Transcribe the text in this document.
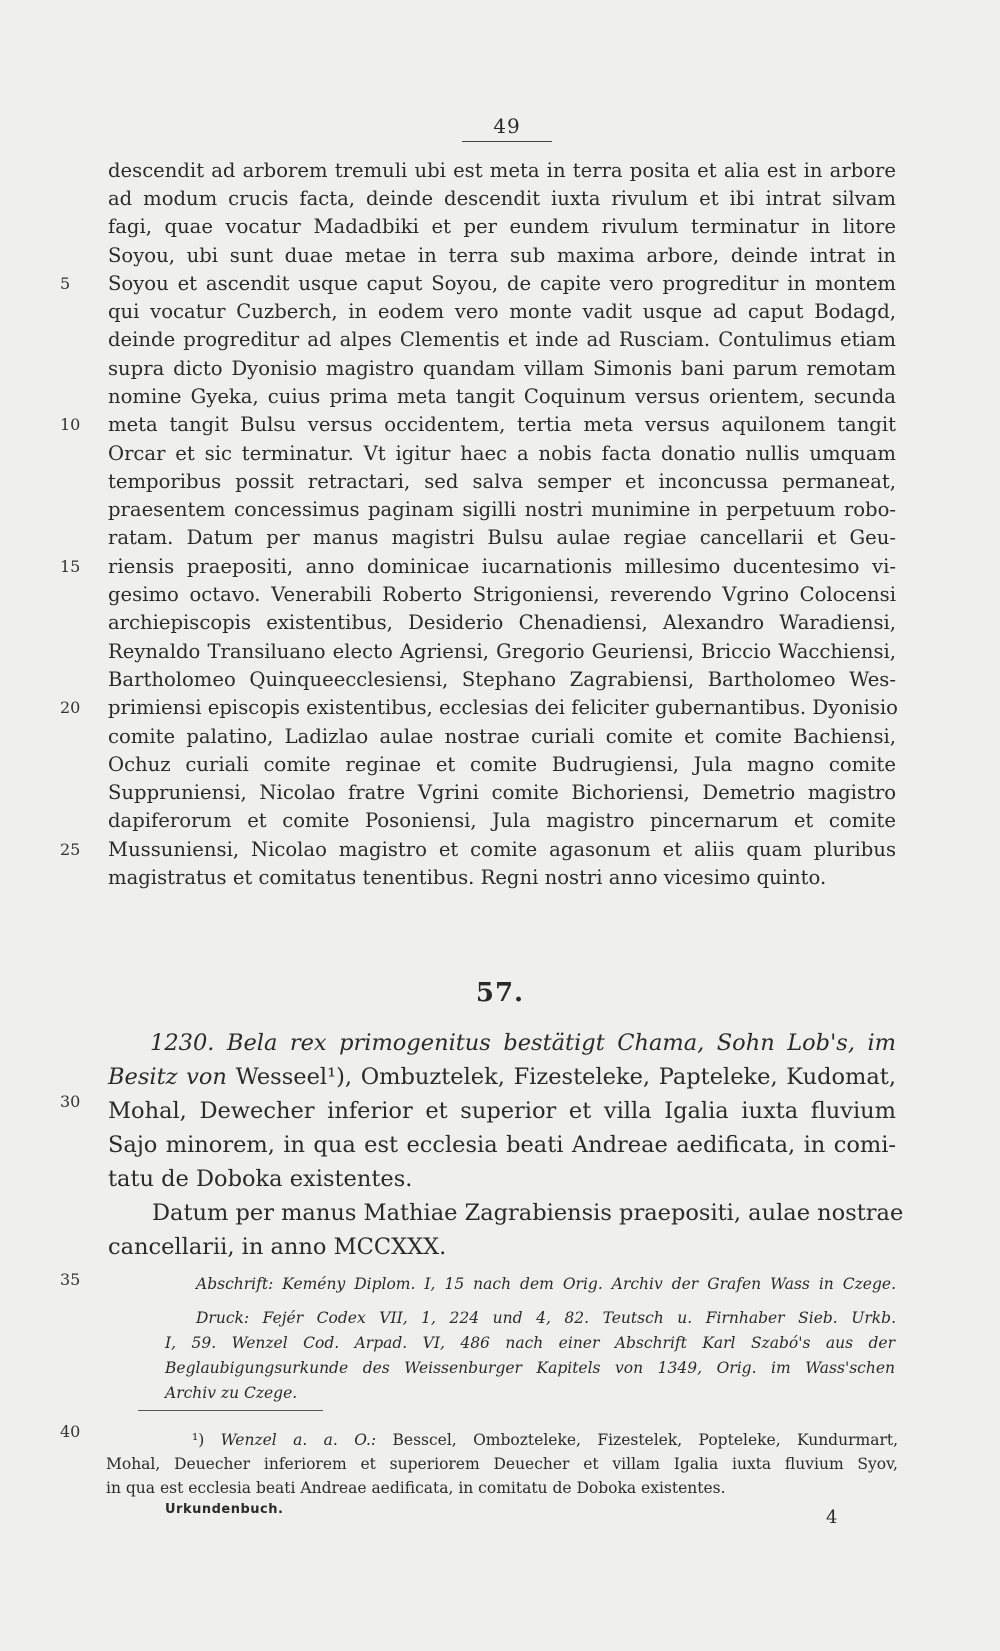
49
descendit ad arborem tremuli ubi est meta in terra posita et alia est in arbore
ad modum crucis facta, deinde descendit iuxta rivulum et ibi intrat silvam
fagi, quae vocatur Madadbiki et per eundem rivulum terminatur in litore
Soyou, ubi sunt duae metae in terra sub maxima arbore, deinde intrat in
Soyou et ascendit usque caput Soyou, de capite vero progreditur in montem
qui vocatur Cuzberch, in eodem vero monte vadit usque ad caput Bodagd,
deinde progreditur ad alpes Clementis et inde ad Rusciam. Contulimus etiam
supra dicto Dyonisio magistro quandam villam Simonis bani parum remotam
nomine Gyeka, cuius prima meta tangit Coquinum versus orientem, secunda
meta tangit Bulsu versus occidentem, tertia meta versus aquilonem tangit
Orcar et sic terminatur. Vt igitur haec a nobis facta donatio nullis umquam
temporibus possit retractari, sed salva semper et inconcussa permaneat,
praesentem concessimus paginam sigilli nostri munimine in perpetuum robo-
ratam. Datum per manus magistri Bulsu aulae regiae cancellarii et Geu-
riensis praepositi, anno dominicae iucarnationis millesimo ducentesimo vi-
gesimo octavo. Venerabili Roberto Strigoniensi, reverendo Vgrino Colocensi
archiepiscopis existentibus, Desiderio Chenadiensi, Alexandro Waradiensi,
Reynaldo Transiluano electo Agriensi, Gregorio Geuriensi, Briccio Wacchiensi,
Bartholomeo Quinqueecclesiensi, Stephano Zagrabiensi, Bartholomeo Wes-
primiensi episcopis existentibus, ecclesias dei feliciter gubernantibus. Dyonisio
comite palatino, Ladizlao aulae nostrae curiali comite et comite Bachiensi,
Ochuz curiali comite reginae et comite Budrugiensi, Jula magno comite
Suppruniensi, Nicolao fratre Vgrini comite Bichoriensi, Demetrio magistro
dapiferorum et comite Posoniensi, Jula magistro pincernarum et comite
Mussuniensi, Nicolao magistro et comite agasonum et aliis quam pluribus
magistratus et comitatus tenentibus. Regni nostri anno vicesimo quinto.
5
10
15
20
25
30
35
40
57.
1230. Bela rex primogenitus bestätigt Chama, Sohn Lob's, im
Besitz von Wesseel¹), Ombuztelek, Fizesteleke, Papteleke, Kudomat,
Mohal, Dewecher inferior et superior et villa Igalia iuxta fluvium
Sajo minorem, in qua est ecclesia beati Andreae aedificata, in comi-
tatu de Doboka existentes.
Datum per manus Mathiae Zagrabiensis praepositi, aulae nostrae
cancellarii, in anno MCCXXX.
Abschrift: Kemény Diplom. I, 15 nach dem Orig. Archiv der Grafen Wass in Czege.
Druck: Fejér Codex VII, 1, 224 und 4, 82. Teutsch u. Firnhaber Sieb. Urkb.
I, 59. Wenzel Cod. Arpad. VI, 486 nach einer Abschrift Karl Szabó's aus der
Beglaubigungsurkunde des Weissenburger Kapitels von 1349, Orig. im Wass'schen
Archiv zu Czege.
¹) Wenzel a. a. O.: Besscel, Omboztelеke, Fizestelek, Popteleke, Kundurmart,
Mohal, Deuecher inferiorem et superiorem Deuecher et villam Igalia iuxta fluvium Syov,
in qua est ecclesia beati Andreae aedificata, in comitatu de Doboka existentes.
Urkundenbuch.	4
